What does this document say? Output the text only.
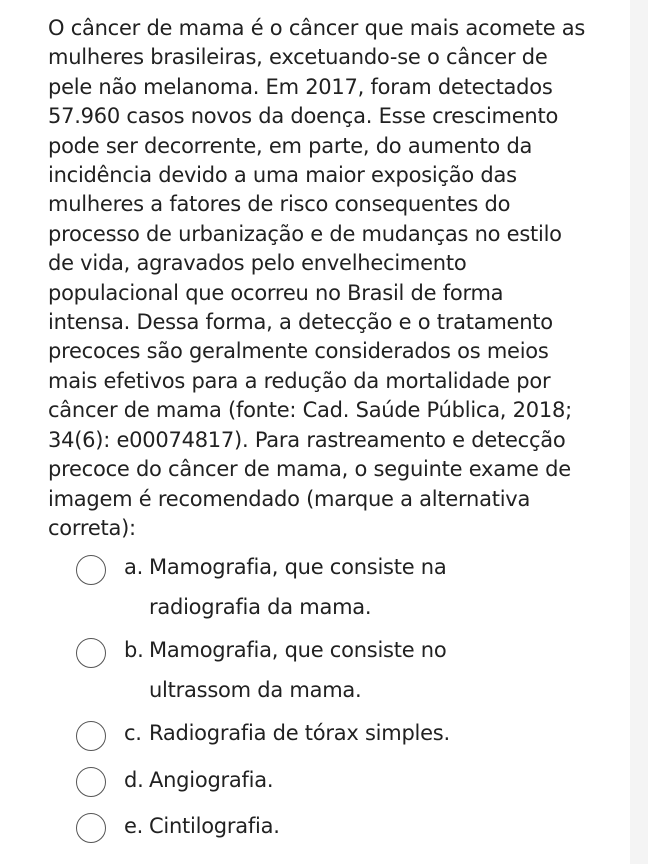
O câncer de mama é o câncer que mais acomete as
mulheres brasileiras, excetuando-se o câncer de
pele não melanoma. Em 2017, foram detectados
57.960 casos novos da doença. Esse crescimento
pode ser decorrente, em parte, do aumento da
incidência devido a uma maior exposição das
mulheres a fatores de risco consequentes do
processo de urbanização e de mudanças no estilo
de vida, agravados pelo envelhecimento
populacional que ocorreu no Brasil de forma
intensa. Dessa forma, a detecção e o tratamento
precoces são geralmente considerados os meios
mais efetivos para a redução da mortalidade por
câncer de mama (fonte: Cad. Saúde Pública, 2018;
34(6): e00074817). Para rastreamento e detecção
precoce do câncer de mama, o seguinte exame de
imagem é recomendado (marque a alternativa
correta):

a. Mamografia, que consiste na
radiografia da mama.
b. Mamografia, que consiste no
ultrassom da mama.
c. Radiografia de tórax simples.
d. Angiografia.
e. Cintilografia.
